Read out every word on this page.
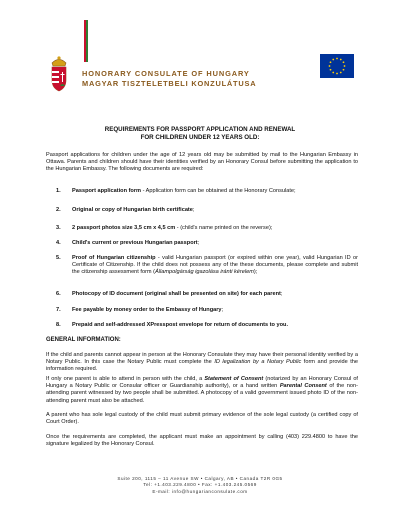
HONORARY CONSULATE OF HUNGARY
MAGYAR TISZTELETBELI KONZULÁTUSA
REQUIREMENTS FOR PASSPORT APPLICATION AND RENEWAL
FOR CHILDREN UNDER 12 YEARS OLD:
Passport applications for children under the age of 12 years old may be submitted by mail to the Hungarian Embassy in Ottawa. Parents and children should have their identities verified by an Honorary Consul before submitting the application to the Hungarian Embassy. The following documents are required:
1. Passport application form - Application form can be obtained at the Honorary Consulate;
2. Original or copy of Hungarian birth certificate;
3. 2 passport photos size 3,5 cm x 4,5 cm - (child's name printed on the reverse);
4. Child's current or previous Hungarian passport;
5. Proof of Hungarian citizenship - valid Hungarian passport (or expired within one year), valid Hungarian ID or Certificate of Citizenship. If the child does not possess any of the these documents, please complete and submit the citizenship assessment form (Állampolgárság igazolása iránti kérelem);
6. Photocopy of ID document (original shall be presented on site) for each parent;
7. Fee payable by money order to the Embassy of Hungary;
8. Prepaid and self-addressed XPresspost envelope for return of documents to you.
GENERAL INFORMATION:
If the child and parents cannot appear in person at the Honorary Consulate they may have their personal identity verified by a Notary Public. In this case the Notary Public must complete the ID legalization by a Notary Public form and provide the information required.
If only one parent is able to attend in person with the child, a Statement of Consent (notarized by an Honorary Consul of Hungary a Notary Public or Consular officer or Guardianship authority), or a hand written Parental Consent of the non-attending parent witnessed by two people shall be submitted. A photocopy of a valid government issued photo ID of the non-attending parent must also be attached.
A parent who has sole legal custody of the child must submit primary evidence of the sole legal custody (a certified copy of Court Order).
Once the requirements are completed, the applicant must make an appointment by calling (403) 229.4800 to have the signature legalized by the Honorary Consul.
Suite 200, 1115 – 11 Avenue SW • Calgary, AB • Canada T2R 0G5
Tel: +1.403.229.4800 • Fax: +1.403.245.0569
E-mail: info@hungarianconsulate.com
